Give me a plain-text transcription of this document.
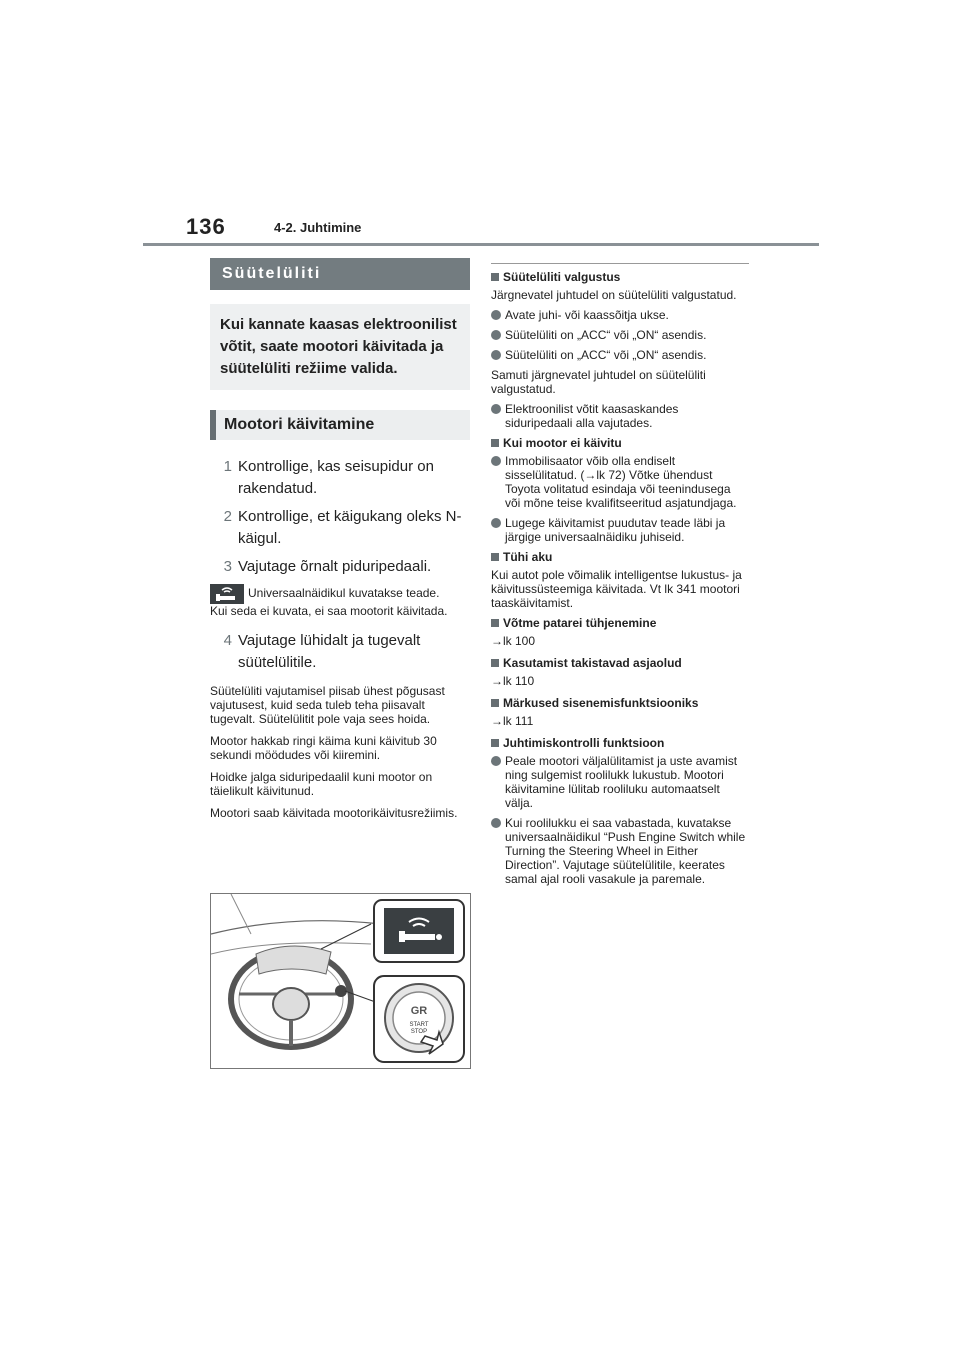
136	4-2. Juhtimine
Süütelüliti
Kui kannate kaasas elektroonilist võtit, saate mootori käivitada ja süütelüliti režiime valida.
Mootori käivitamine
1 Kontrollige, kas seisupidur on rakendatud.
2 Kontrollige, et käigukang oleks N-käigul.
3 Vajutage õrnalt piduripedaali.
Universaalnäidikul kuvatakse teade.
Kui seda ei kuvata, ei saa mootorit käivitada.
4 Vajutage lühidalt ja tugevalt süütelülitile.

Süütelüliti vajutamisel piisab ühest põgusast vajutusest, kuid seda tuleb teha piisavalt tugevalt. Süütelülitit pole vaja sees hoida.

Mootor hakkab ringi käima kuni käivitub 30 sekundi möödudes või kiiremini.

Hoidke jalga siduripedaalil kuni mootor on täielikult käivitunud.

Mootori saab käivitada mootorikäivitusrežiimis.

GR
START
STOP
Süütelüliti valgustus

Järgnevatel juhtudel on süütelüliti valgustatud.

Avate juhi- või kaassõitja ukse.
Süütelüliti on „ACC“ või „ON“ asendis.
Süütelüliti on „ACC“ või „ON“ asendis.

Samuti järgnevatel juhtudel on süütelüliti valgustatud.

Elektroonilist võtit kaasaskandes siduripedaali alla vajutades.
Kui mootor ei käivitu
Immobilisaator võib olla endiselt sisselülitatud. (→lk 72) Võtke ühendust Toyota volitatud esindaja või teenindusega või mõne teise kvalifitseeritud asjatundjaga.
Lugege käivitamist puudutav teade läbi ja järgige universaalnäidiku juhiseid.
Tühi aku

Kui autot pole võimalik intelligentse lukustus- ja käivitussüsteemiga käivitada. Vt lk 341 mootori taaskäivitamist.

Võtme patarei tühjenemine

→lk 100

Kasutamist takistavad asjaolud

→lk 110

Märkused sisenemisfunktsiooniks

→lk 111

Juhtimiskontrolli funktsioon
Peale mootori väljalülitamist ja uste avamist ning sulgemist roolilukk lukustub. Mootori käivitamine lülitab rooliluku automaatselt välja.
Kui roolilukku ei saa vabastada, kuvatakse universaalnäidikul “Push Engine Switch while Turning the Steering Wheel in Either Direction”. Vajutage süütelülitile, keerates samal ajal rooli vasakule ja paremale.
